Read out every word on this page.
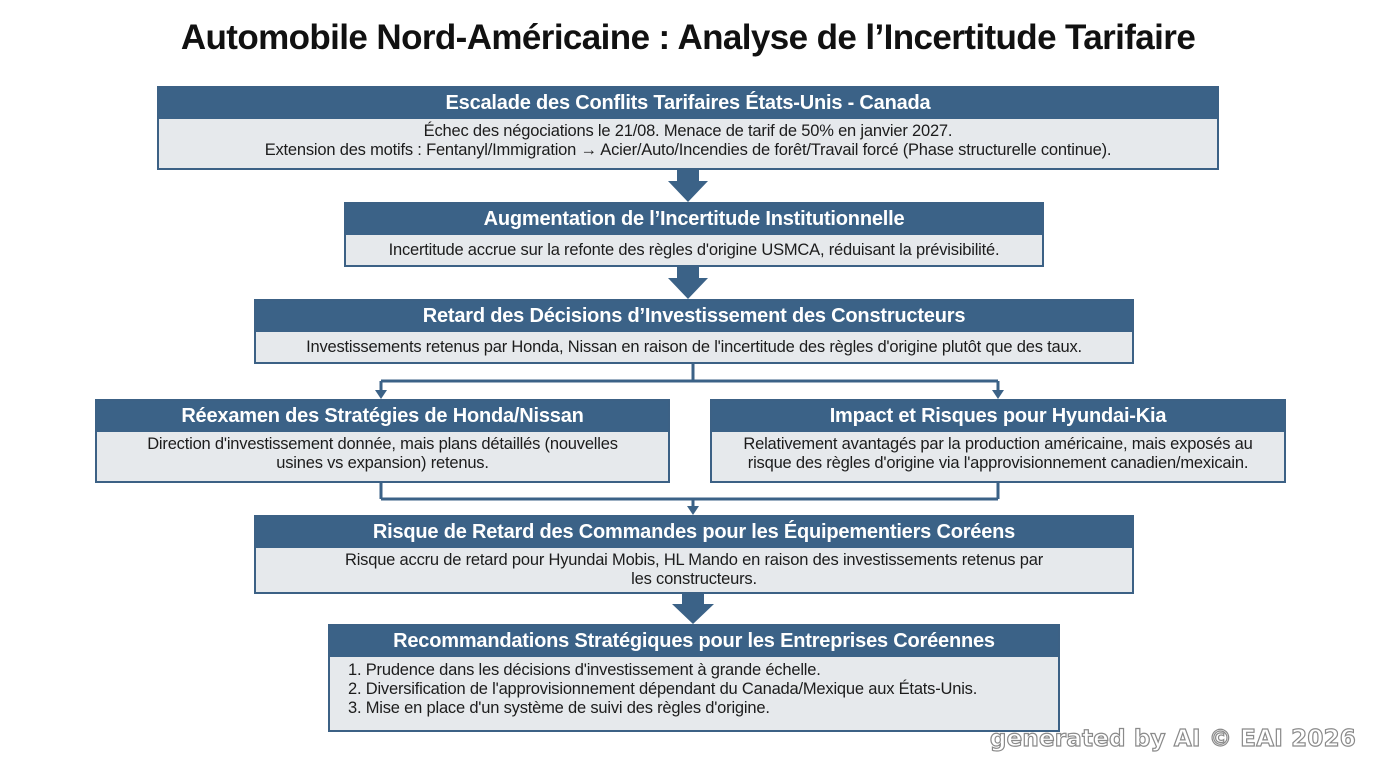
Automobile Nord-Américaine : Analyse de l’Incertitude Tarifaire
Escalade des Conflits Tarifaires États-Unis - Canada
Échec des négociations le 21/08. Menace de tarif de 50% en janvier 2027.
Extension des motifs : Fentanyl/Immigration → Acier/Auto/Incendies de forêt/Travail forcé (Phase structurelle continue).
Augmentation de l’Incertitude Institutionnelle
Incertitude accrue sur la refonte des règles d'origine USMCA, réduisant la prévisibilité.
Retard des Décisions d’Investissement des Constructeurs
Investissements retenus par Honda, Nissan en raison de l'incertitude des règles d'origine plutôt que des taux.
Réexamen des Stratégies de Honda/Nissan
Direction d'investissement donnée, mais plans détaillés (nouvelles
usines vs expansion) retenus.
Impact et Risques pour Hyundai-Kia
Relativement avantagés par la production américaine, mais exposés au
risque des règles d'origine via l'approvisionnement canadien/mexicain.
Risque de Retard des Commandes pour les Équipementiers Coréens
Risque accru de retard pour Hyundai Mobis, HL Mando en raison des investissements retenus par
les constructeurs.
Recommandations Stratégiques pour les Entreprises Coréennes
1. Prudence dans les décisions d'investissement à grande échelle.
2. Diversification de l'approvisionnement dépendant du Canada/Mexique aux États-Unis.
3. Mise en place d'un système de suivi des règles d'origine.
generated by AI © EAI 2026
